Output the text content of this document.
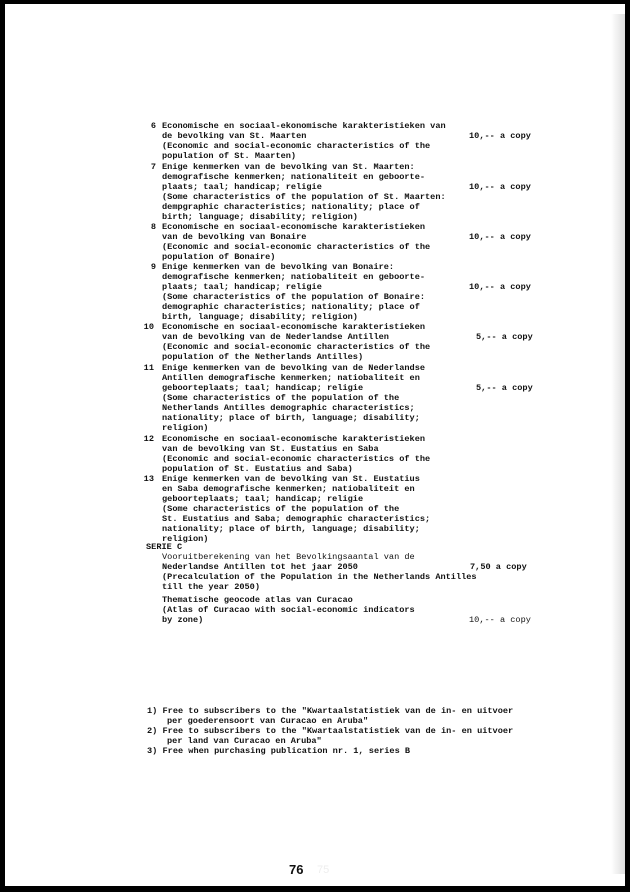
6 Economische en sociaal-ekonomische karakteristieken van
de bevolking van St. Maarten
(Economic and social-economic characteristics of the
population of St. Maarten)
10,-- a copy
7 Enige kenmerken van de bevolking van St. Maarten:
demografische kenmerken; nationaliteit en geboorte-
plaats; taal; handicap; religie
(Some characteristics of the population of St. Maarten:
dempgraphic characteristics; nationality; place of
birth; language; disability; religion)
10,-- a copy
8 Economische en sociaal-economische karakteristieken
van de bevolking van Bonaire
(Economic and social-economic characteristics of the
population of Bonaire)
10,-- a copy
9 Enige kenmerken van de bevolking van Bonaire:
demografische kenmerken; natiobaliteit en geboorte-
plaats; taal; handicap; religie
(Some characteristics of the population of Bonaire:
demographic characteristics; nationality; place of
birth, language; disability; religion)
10,-- a copy
10 Economische en sociaal-economische karakteristieken
van de bevolking van de Nederlandse Antillen
(Economic and social-economic characteristics of the
population of the Netherlands Antilles)
5,-- a copy
11 Enige kenmerken van de bevolking van de Nederlandse
Antillen demografische kenmerken; natiobaliteit en
geboorteplaats; taal; handicap; religie
(Some characteristics of the population of the
Netherlands Antilles demographic characteristics;
nationality; place of birth, language; disability;
religion)
5,-- a copy
12 Economische en sociaal-economische karakteristieken
van de bevolking van St. Eustatius en Saba
(Economic and social-economic characteristics of the
population of St. Eustatius and Saba)
13 Enige kenmerken van de bevolking van St. Eustatius
en Saba demografische kenmerken; natiobaliteit en
geboorteplaats; taal; handicap; religie
(Some characteristics of the population of the
St. Eustatius and Saba; demographic characteristics;
nationality; place of birth, language; disability;
religion)
SERIE C
Vooruitberekening van het Bevolkingsaantal van de
Nederlandse Antillen tot het jaar 2050
(Precalculation of the Population in the Netherlands Antilles
till the year 2050)
7,50 a copy
Thematische geocode atlas van Curacao
(Atlas of Curacao with social-economic indicators
by zone)	10,-- a copy
1) Free to subscribers to the "Kwartaalstatistiek van de in- en uitvoer
per goederensoort van Curacao en Aruba"
2) Free to subscribers to the "Kwartaalstatistiek van de in- en uitvoer
per land van Curacao en Aruba"
3) Free when purchasing publication nr. 1, series B
76 75
